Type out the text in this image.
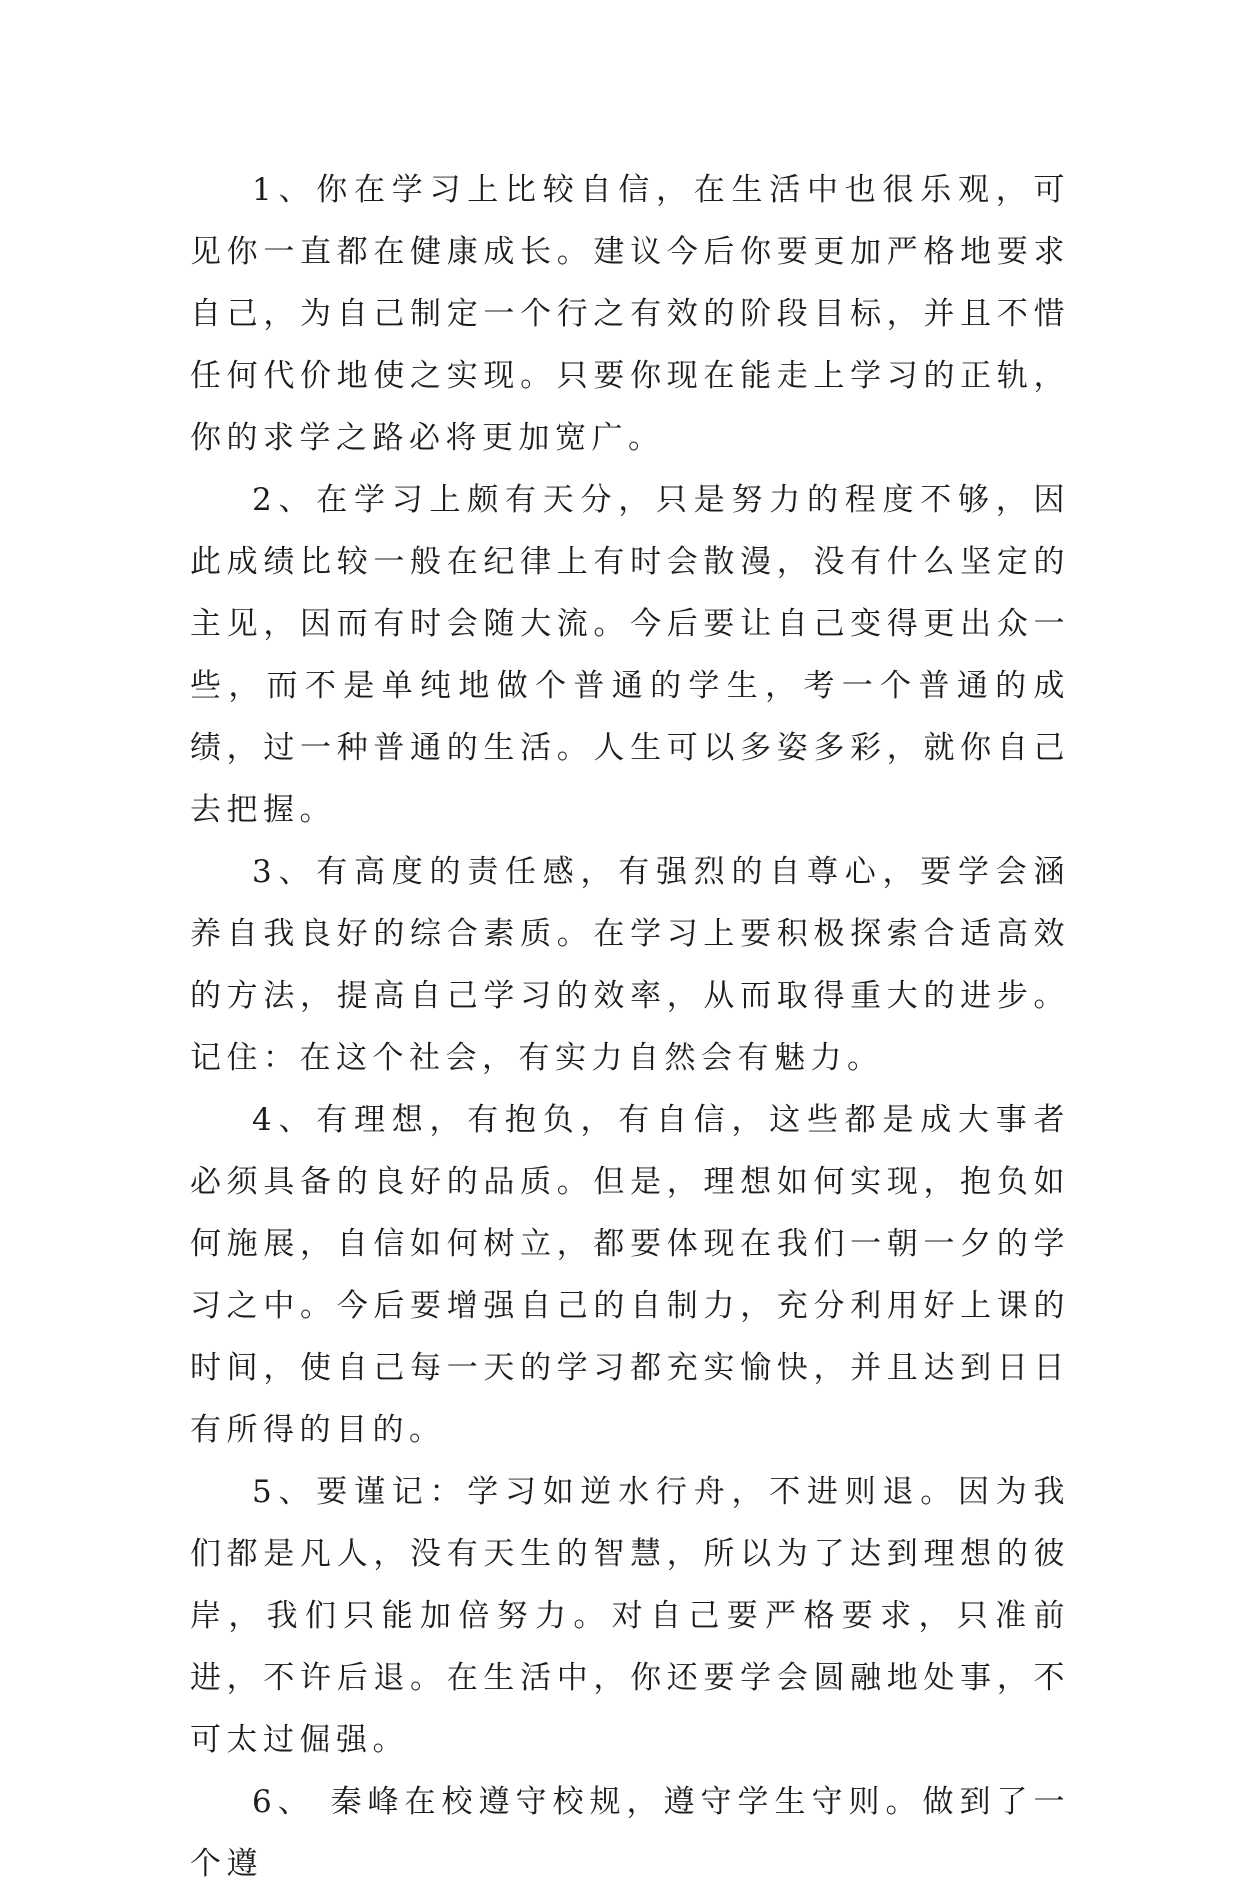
1、你在学习上比较自信，在生活中也很乐观，可见你一直都在健康成长。建议今后你要更加严格地要求自己，为自己制定一个行之有效的阶段目标，并且不惜任何代价地使之实现。只要你现在能走上学习的正轨，你的求学之路必将更加宽广。

2、在学习上颇有天分，只是努力的程度不够，因此成绩比较一般在纪律上有时会散漫，没有什么坚定的主见，因而有时会随大流。今后要让自己变得更出众一些，而不是单纯地做个普通的学生，考一个普通的成绩，过一种普通的生活。人生可以多姿多彩，就你自己去把握。

3、有高度的责任感，有强烈的自尊心，要学会涵养自我良好的综合素质。在学习上要积极探索合适高效的方法，提高自己学习的效率，从而取得重大的进步。记住：在这个社会，有实力自然会有魅力。

4、有理想，有抱负，有自信，这些都是成大事者必须具备的良好的品质。但是，理想如何实现，抱负如何施展，自信如何树立，都要体现在我们一朝一夕的学习之中。今后要增强自己的自制力，充分利用好上课的时间，使自己每一天的学习都充实愉快，并且达到日日有所得的目的。

5、要谨记：学习如逆水行舟，不进则退。因为我们都是凡人，没有天生的智慧，所以为了达到理想的彼岸，我们只能加倍努力。对自己要严格要求，只准前进，不许后退。在生活中，你还要学会圆融地处事，不可太过倔强。

6、 秦峰在校遵守校规，遵守学生守则。做到了一个遵
